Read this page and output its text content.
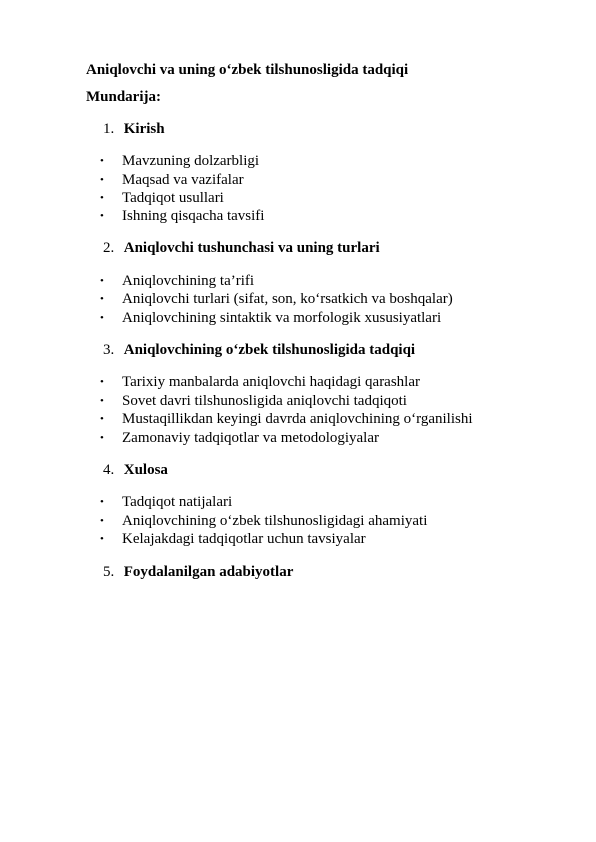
Aniqlovchi va uning o‘zbek tilshunosligida tadqiqi
Mundarija:
1. Kirish
• Mavzuning dolzarbligi
• Maqsad va vazifalar
• Tadqiqot usullari
• Ishning qisqacha tavsifi
2. Aniqlovchi tushunchasi va uning turlari
• Aniqlovchining ta’rifi
• Aniqlovchi turlari (sifat, son, ko‘rsatkich va boshqalar)
• Aniqlovchining sintaktik va morfologik xususiyatlari
3. Aniqlovchining o‘zbek tilshunosligida tadqiqi
• Tarixiy manbalarda aniqlovchi haqidagi qarashlar
• Sovet davri tilshunosligida aniqlovchi tadqiqoti
• Mustaqillikdan keyingi davrda aniqlovchining o‘rganilishi
• Zamonaviy tadqiqotlar va metodologiyalar
4. Xulosa
• Tadqiqot natijalari
• Aniqlovchining o‘zbek tilshunosligidagi ahamiyati
• Kelajakdagi tadqiqotlar uchun tavsiyalar
5. Foydalanilgan adabiyotlar
